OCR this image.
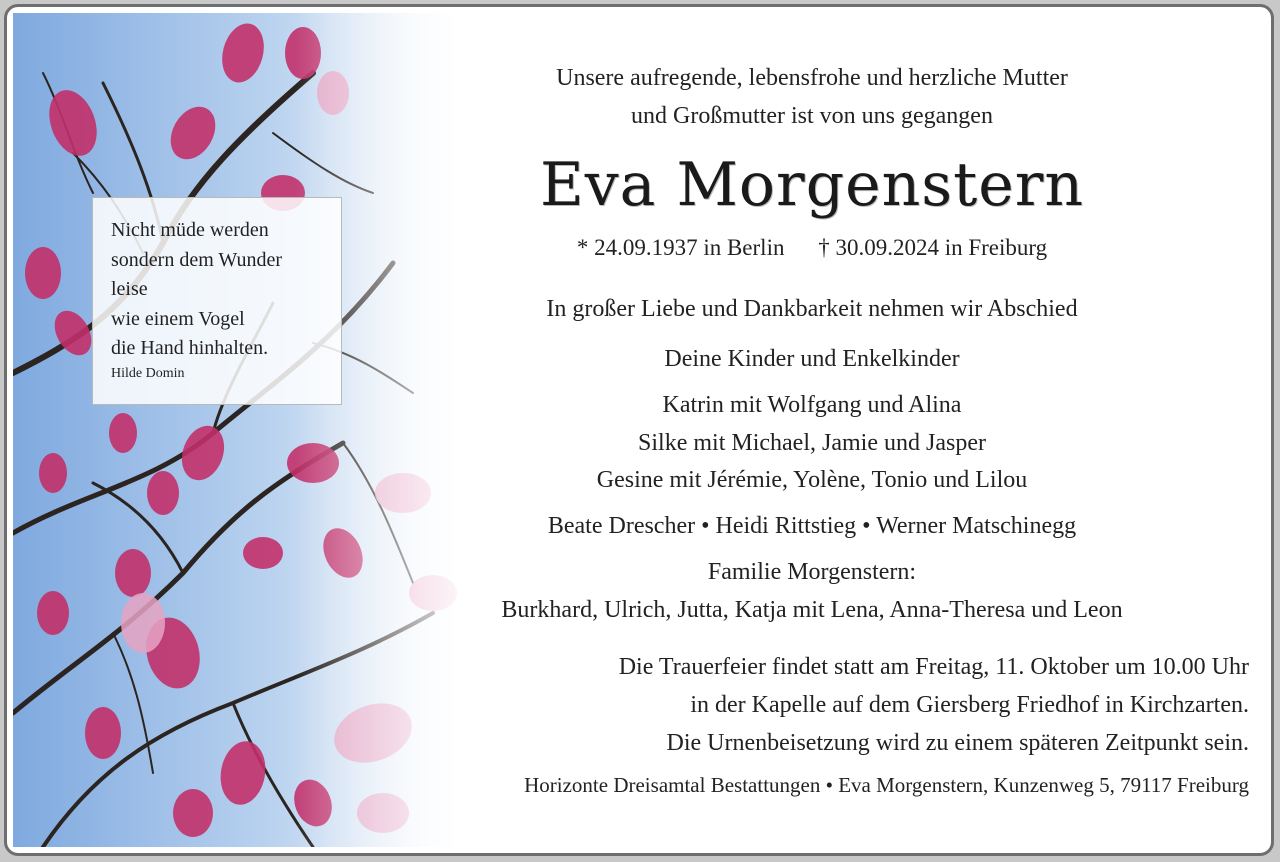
Nicht müde werden
sondern dem Wunder
leise
wie einem Vogel
die Hand hinhalten.
Hilde Domin
Unsere aufregende, lebensfrohe und herzliche Mutter
und Großmutter ist von uns gegangen
Eva Morgenstern
* 24.09.1937 in Berlin † 30.09.2024 in Freiburg
In großer Liebe und Dankbarkeit nehmen wir Abschied
Deine Kinder und Enkelkinder
Katrin mit Wolfgang und Alina
Silke mit Michael, Jamie und Jasper
Gesine mit Jérémie, Yolène, Tonio und Lilou
Beate Drescher • Heidi Rittstieg • Werner Matschinegg
Familie Morgenstern:
Burkhard, Ulrich, Jutta, Katja mit Lena, Anna-Theresa und Leon
Die Trauerfeier findet statt am Freitag, 11. Oktober um 10.00 Uhr
in der Kapelle auf dem Giersberg Friedhof in Kirchzarten.
Die Urnenbeisetzung wird zu einem späteren Zeitpunkt sein.
Horizonte Dreisamtal Bestattungen • Eva Morgenstern, Kunzenweg 5, 79117 Freiburg
